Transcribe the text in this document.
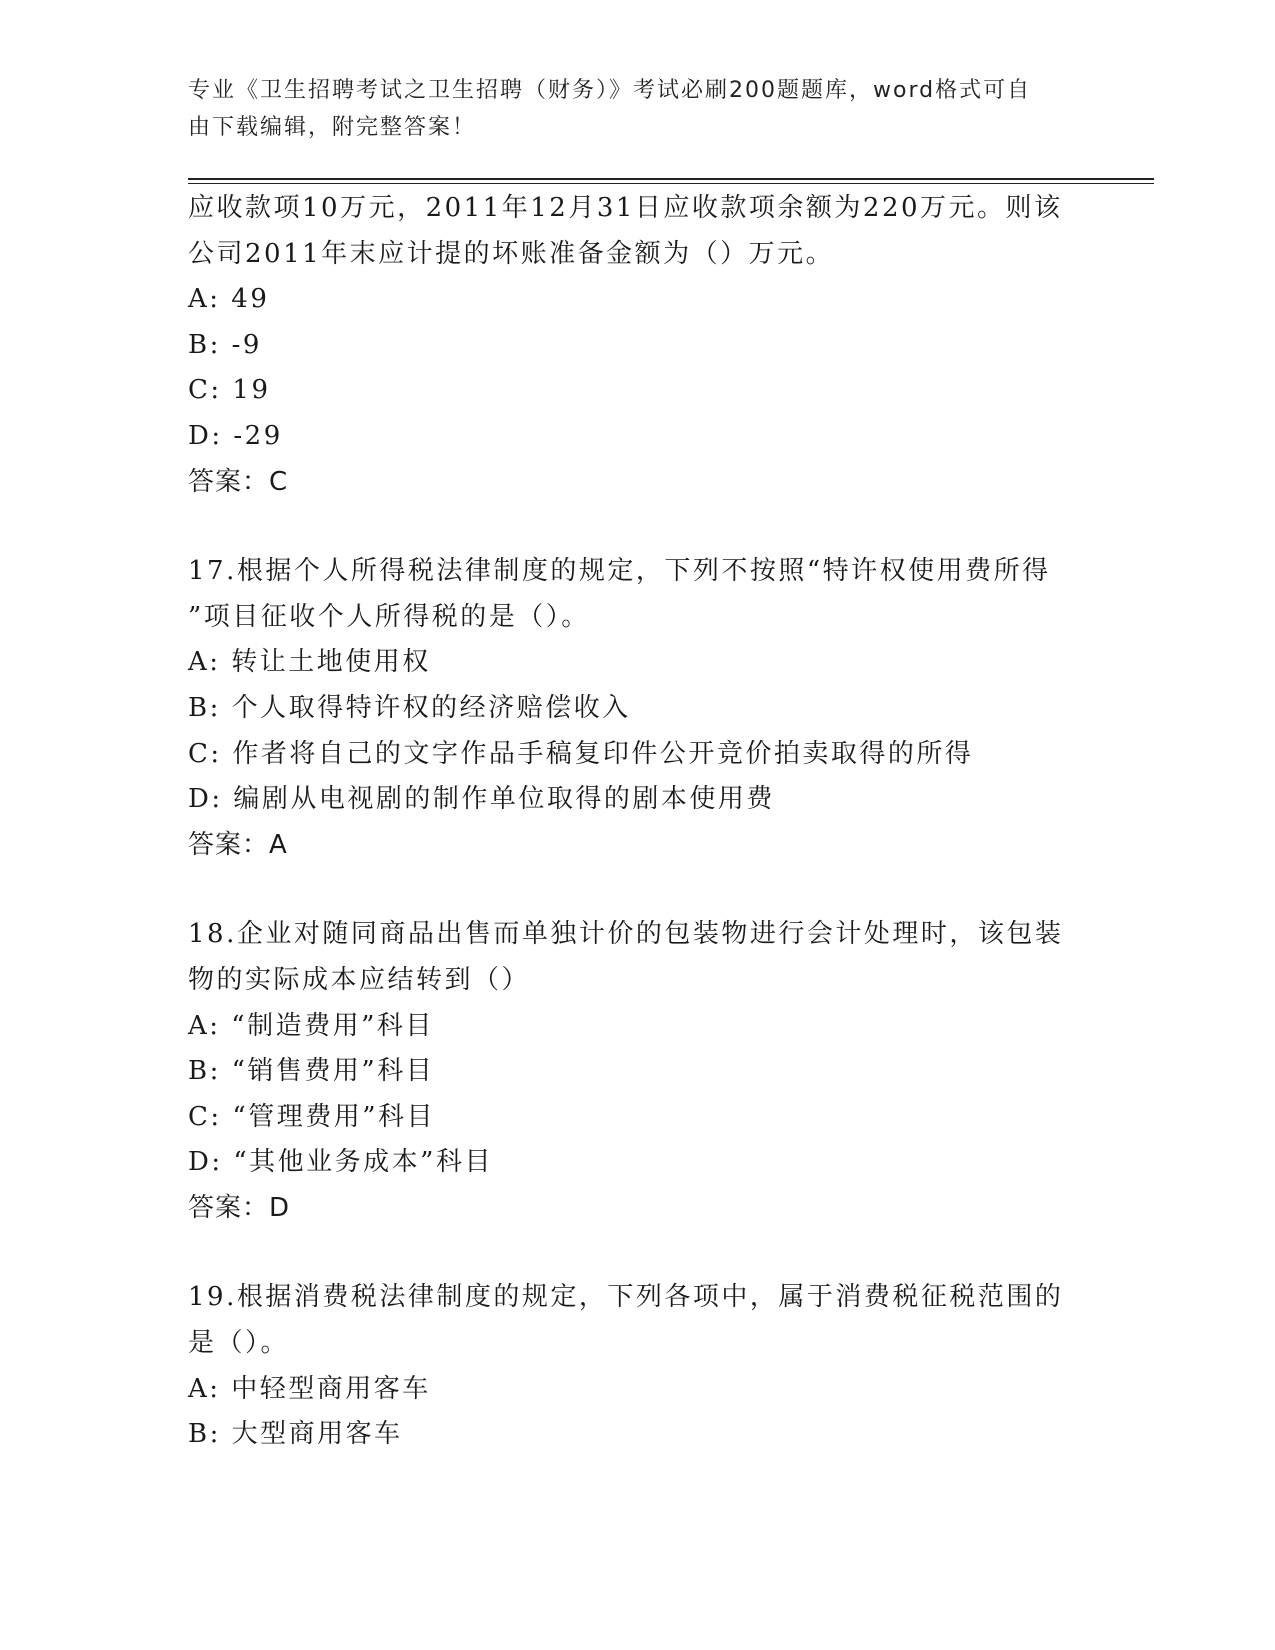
专业《卫生招聘考试之卫生招聘（财务）》考试必刷200题题库，word格式可自
由下载编辑，附完整答案！
应收款项10万元，2011年12月31日应收款项余额为220万元。则该
公司2011年末应计提的坏账准备金额为（）万元。
A: 49
B: -9
C: 19
D: -29
答案：C
17.根据个人所得税法律制度的规定，下列不按照“特许权使用费所得
”项目征收个人所得税的是（）。
A: 转让土地使用权
B: 个人取得特许权的经济赔偿收入
C: 作者将自己的文字作品手稿复印件公开竞价拍卖取得的所得
D: 编剧从电视剧的制作单位取得的剧本使用费
答案：A
18.企业对随同商品出售而单独计价的包装物进行会计处理时，该包装
物的实际成本应结转到（）
A: “制造费用”科目
B: “销售费用”科目
C: “管理费用”科目
D: “其他业务成本”科目
答案：D
19.根据消费税法律制度的规定，下列各项中，属于消费税征税范围的
是（）。
A: 中轻型商用客车
B: 大型商用客车
